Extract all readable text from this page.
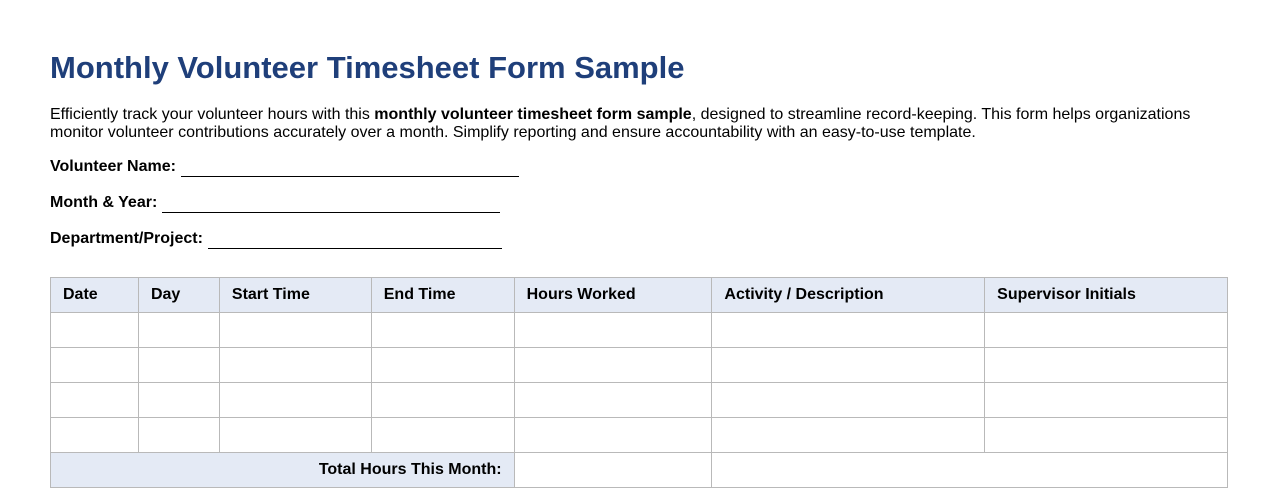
Monthly Volunteer Timesheet Form Sample
Efficiently track your volunteer hours with this monthly volunteer timesheet form sample, designed to streamline record-keeping. This form helps organizations monitor volunteer contributions accurately over a month. Simplify reporting and ensure accountability with an easy-to-use template.
Volunteer Name:
Month & Year:
Department/Project:
Date	Day	Start Time	End Time	Hours Worked	Activity / Description	Supervisor Initials

Total Hours This Month:						
